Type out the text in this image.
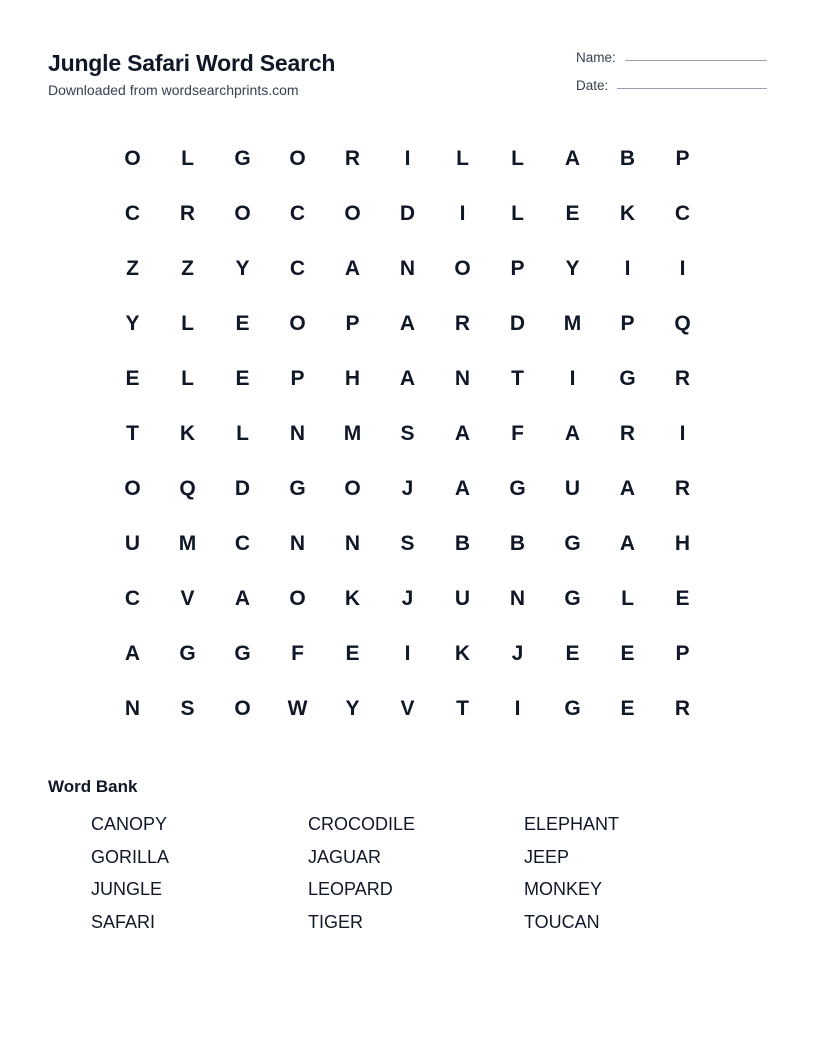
Jungle Safari Word Search
Downloaded from wordsearchprints.com
Name:
Date:
O	L	G	O	R	I	L	L	A	B	P
C	R	O	C	O	D	I	L	E	K	C
Z	Z	Y	C	A	N	O	P	Y	I	I
Y	L	E	O	P	A	R	D	M	P	Q
E	L	E	P	H	A	N	T	I	G	R
T	K	L	N	M	S	A	F	A	R	I
O	Q	D	G	O	J	A	G	U	A	R
U	M	C	N	N	S	B	B	G	A	H
C	V	A	O	K	J	U	N	G	L	E
A	G	G	F	E	I	K	J	E	E	P
N	S	O	W	Y	V	T	I	G	E	R
Word Bank
CANOPY	CROCODILE	ELEPHANT
GORILLA	JAGUAR	JEEP
JUNGLE	LEOPARD	MONKEY
SAFARI	TIGER	TOUCAN
